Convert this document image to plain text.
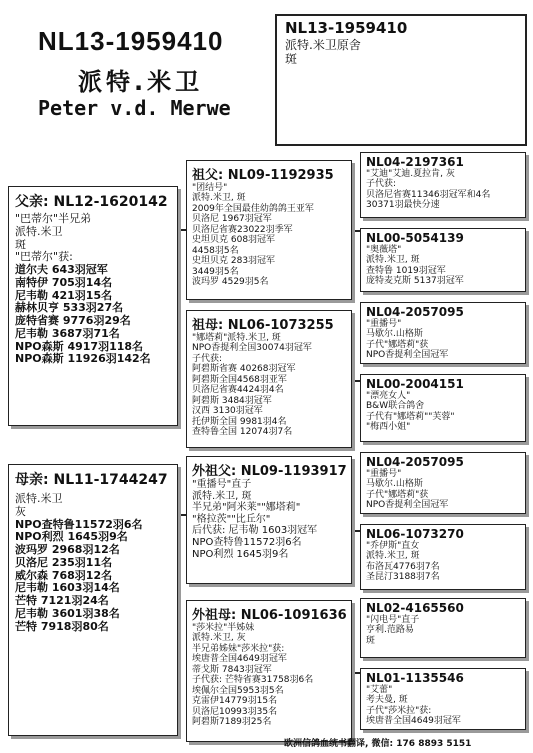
NL13-1959410
派特.米卫
Peter v.d. Merwe
NL13-1959410
派特.米卫原舍
斑
父亲: NL12-1620142
"巴蒂尔"半兄弟
派特.米卫
斑
"巴蒂尔"获:
道尔夫 643羽冠军
南特伊 705羽14名
尼韦勒 421羽15名
赫林贝亨 533羽27名
庞特省赛 9776羽29名
尼韦勒 3687羽71名
NPO森斯 4917羽118名
NPO森斯 11926羽142名
母亲: NL11-1744247
派特.米卫
灰
NPO查特鲁11572羽6名
NPO利烈 1645羽9名
波玛罗 2968羽12名
贝洛尼 235羽11名
威尔森 768羽12名
尼韦勒 1603羽14名
芒特 7121羽24名
尼韦勒 3601羽38名
芒特 7918羽80名
祖父: NL09-1192935
"团结号"
派特.米卫, 斑
2009年全国最佳幼鸽鸽王亚军
贝洛尼 1967羽冠军
贝洛尼省赛23022羽季军
史坦贝克 608羽冠军
4458羽5名
史坦贝克 283羽冠军
3449羽5名
波玛罗 4529羽5名
祖母: NL06-1073255
"娜塔莉"派特.米卫, 斑
NPO香提利全国30074羽冠军
子代获:
阿碧斯省赛 40268羽冠军
阿碧斯全国4568羽亚军
贝洛尼省赛4424羽4名
阿碧斯 3484羽冠军
汉西 3130羽冠军
托伊斯全国 9981羽4名
查特鲁全国 12074羽7名
外祖父: NL09-1193917
"重播号"直子
派特.米卫, 斑
半兄弟"阿米莱""娜塔莉"
"格拉茨""比丘尔"
后代获: 尼韦勒 1603羽冠军
NPO查特鲁11572羽6名
NPO利烈 1645羽9名
外祖母: NL06-1091636
"莎米拉"半姊妹
派特.米卫, 灰
半兄弟姊妹"莎米拉"获:
埃唐普全国4649羽冠军
蒂戈斯 7843羽冠军
子代获: 芒特省赛31758羽6名
埃佩尔全国5953羽5名
克雷伊14779羽15名
贝洛尼10993羽35名
阿碧斯7189羽25名
NL04-2197361
"艾迪"艾迪.夏拉肯, 灰
子代获:
贝洛尼省赛11346羽冠军和4名
30371羽最快分速
NL00-5054139
"奥薇塔"
派特.米卫, 斑
查特鲁 1019羽冠军
庞特麦克斯 5137羽冠军
NL04-2057095
"重播号"
马歇尔.山格斯
子代"娜塔莉"获
NPO香提利全国冠军
NL00-2004151
"漂亮女人"
B&W联合鸽舍
子代有"娜塔莉""芙蓉"
"梅西小姐"
NL04-2057095
"重播号"
马歇尔.山格斯
子代"娜塔莉"获
NPO香提利全国冠军
NL06-1073270
"乔伊斯"直女
派特.米卫, 斑
布洛瓦4776羽7名
圣昆汀3188羽7名
NL02-4165560
"闪电号"直子
亨利.范路易
斑
NL01-1135546
"艾蕾"
考夫曼, 斑
子代"莎米拉"获:
埃唐普全国4649羽冠军
欧洲信鸽血统书翻译, 微信: 176 8893 5151
